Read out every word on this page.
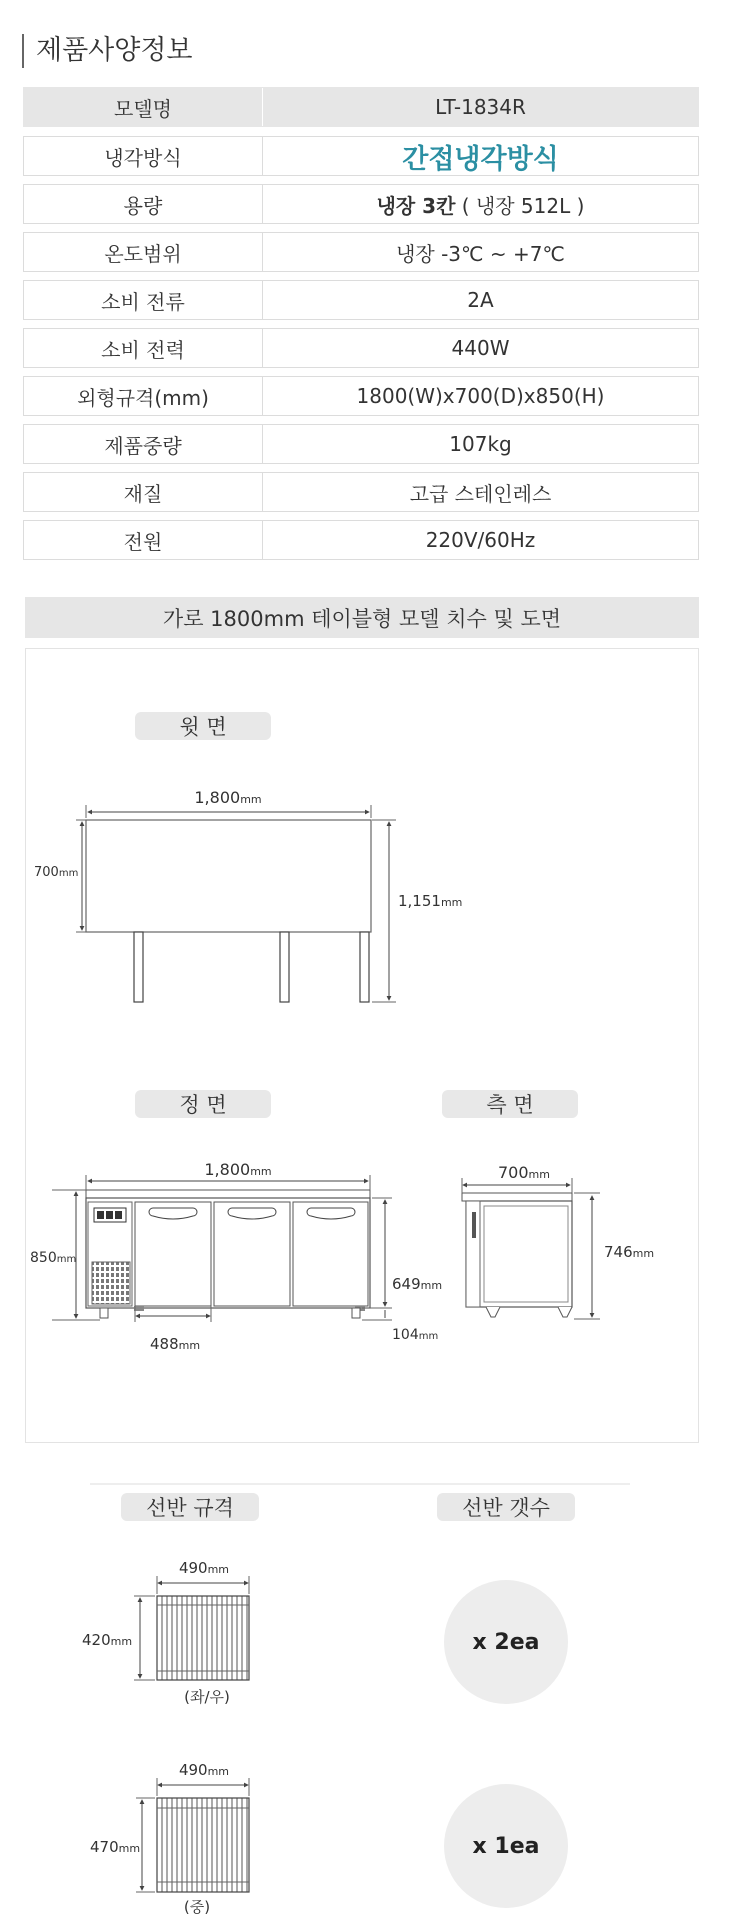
제품사양정보
모델명	LT-1834R
냉각방식	간접냉각방식
용량	냉장 3칸 ( 냉장 512L )
온도범위	냉장 -3℃ ~ +7℃
소비 전류	2A
소비 전력	440W
외형규격(mm)	1800(W)x700(D)x850(H)
제품중량	107kg
재질	고급 스테인레스
전원	220V/60Hz
가로 1800mm 테이블형 모델 치수 및 도면
윗 면
정 면	측 면
1,800mm
700mm
1,151mm
1,800mm
850mm
649mm
104mm
488mm
700mm
746mm
490mm
420mm
(좌/우)
490mm
470mm
(중)
선반 규격	선반 갯수
x 2ea
x 1ea
